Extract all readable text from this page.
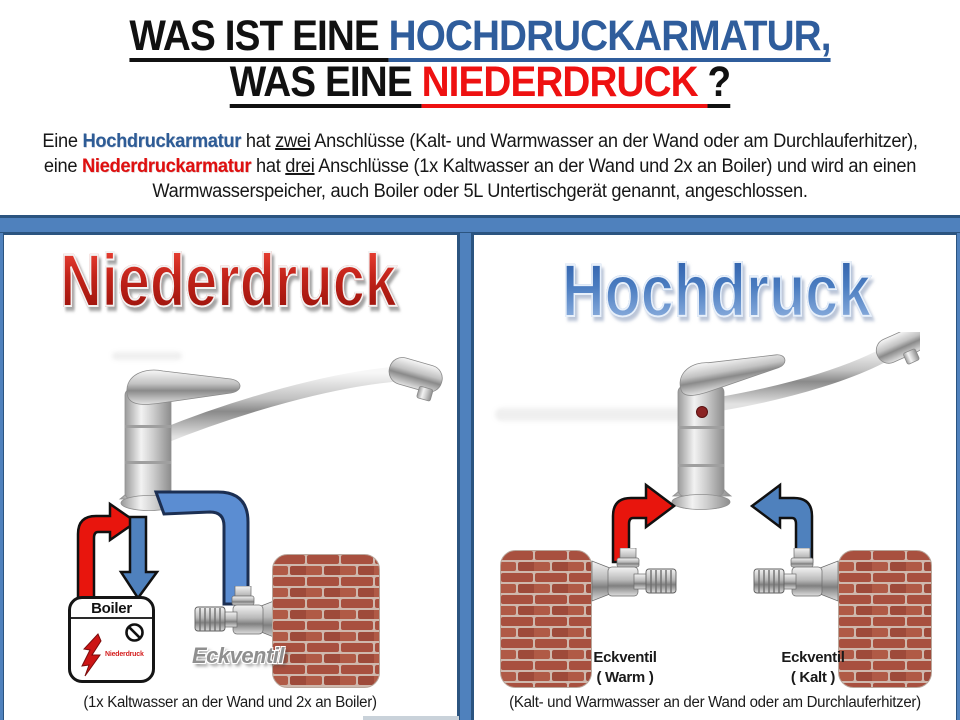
WAS IST EINE HOCHDRUCKARMATUR,
WAS EINE NIEDERDRUCK ?
Eine Hochdruckarmatur hat zwei Anschlüsse (Kalt- und Warmwasser an der Wand oder am Durchlauferhitzer),
eine Niederdruckarmatur hat drei Anschlüsse (1x Kaltwasser an der Wand und 2x an Boiler) und wird an einen
Warmwasserspeicher, auch Boiler oder 5L Untertischgerät genannt, angeschlossen.
Niederdruck	Hochdruck
Boiler
Niederdruck	Eckventil
(1x Kaltwasser an der Wand und 2x an Boiler)
Eckventil
( Warm )
Eckventil
( Kalt )
(Kalt- und Warmwasser an der Wand oder am Durchlauferhitzer)
